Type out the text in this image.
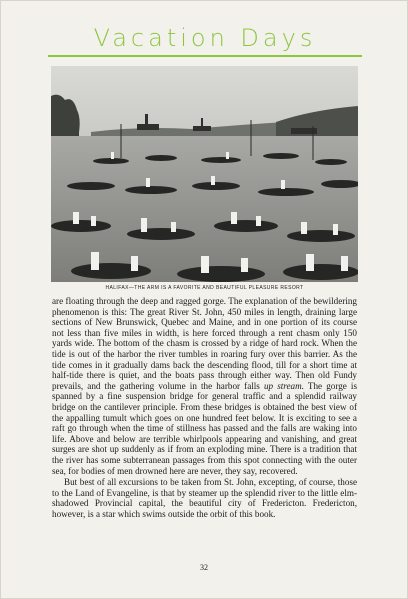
Vacation Days
HALIFAX—THE ARM IS A FAVORITE AND BEAUTIFUL PLEASURE RESORT

are floating through the deep and ragged gorge. The explanation of the bewildering phenomenon is this: The great River St. John, 450 miles in length, draining large sections of New Brunswick, Quebec and Maine, and in one portion of its course not less than five miles in width, is here forced through a rent chasm only 150 yards wide. The bottom of the chasm is crossed by a ridge of hard rock. When the tide is out of the harbor the river tumbles in roaring fury over this barrier. As the tide comes in it gradually dams back the descending flood, till for a short time at half-tide there is quiet, and the boats pass through either way. Then old Fundy prevails, and the gathering volume in the harbor falls up stream. The gorge is spanned by a fine suspension bridge for general traffic and a splendid railway bridge on the cantilever principle. From these bridges is obtained the best view of the appalling tumult which goes on one hundred feet below. It is exciting to see a raft go through when the time of stillness has passed and the falls are waking into life. Above and below are terrible whirlpools appearing and vanishing, and great surges are shot up suddenly as if from an exploding mine. There is a tradition that the river has some subterranean passages from this spot connecting with the outer sea, for bodies of men drowned here are never, they say, recovered.

But best of all excursions to be taken from St. John, excepting, of course, those to the Land of Evangeline, is that by steamer up the splendid river to the little elm-shadowed Provincial capital, the beautiful city of Fredericton. Fredericton, however, is a star which swims outside the orbit of this book.

32
